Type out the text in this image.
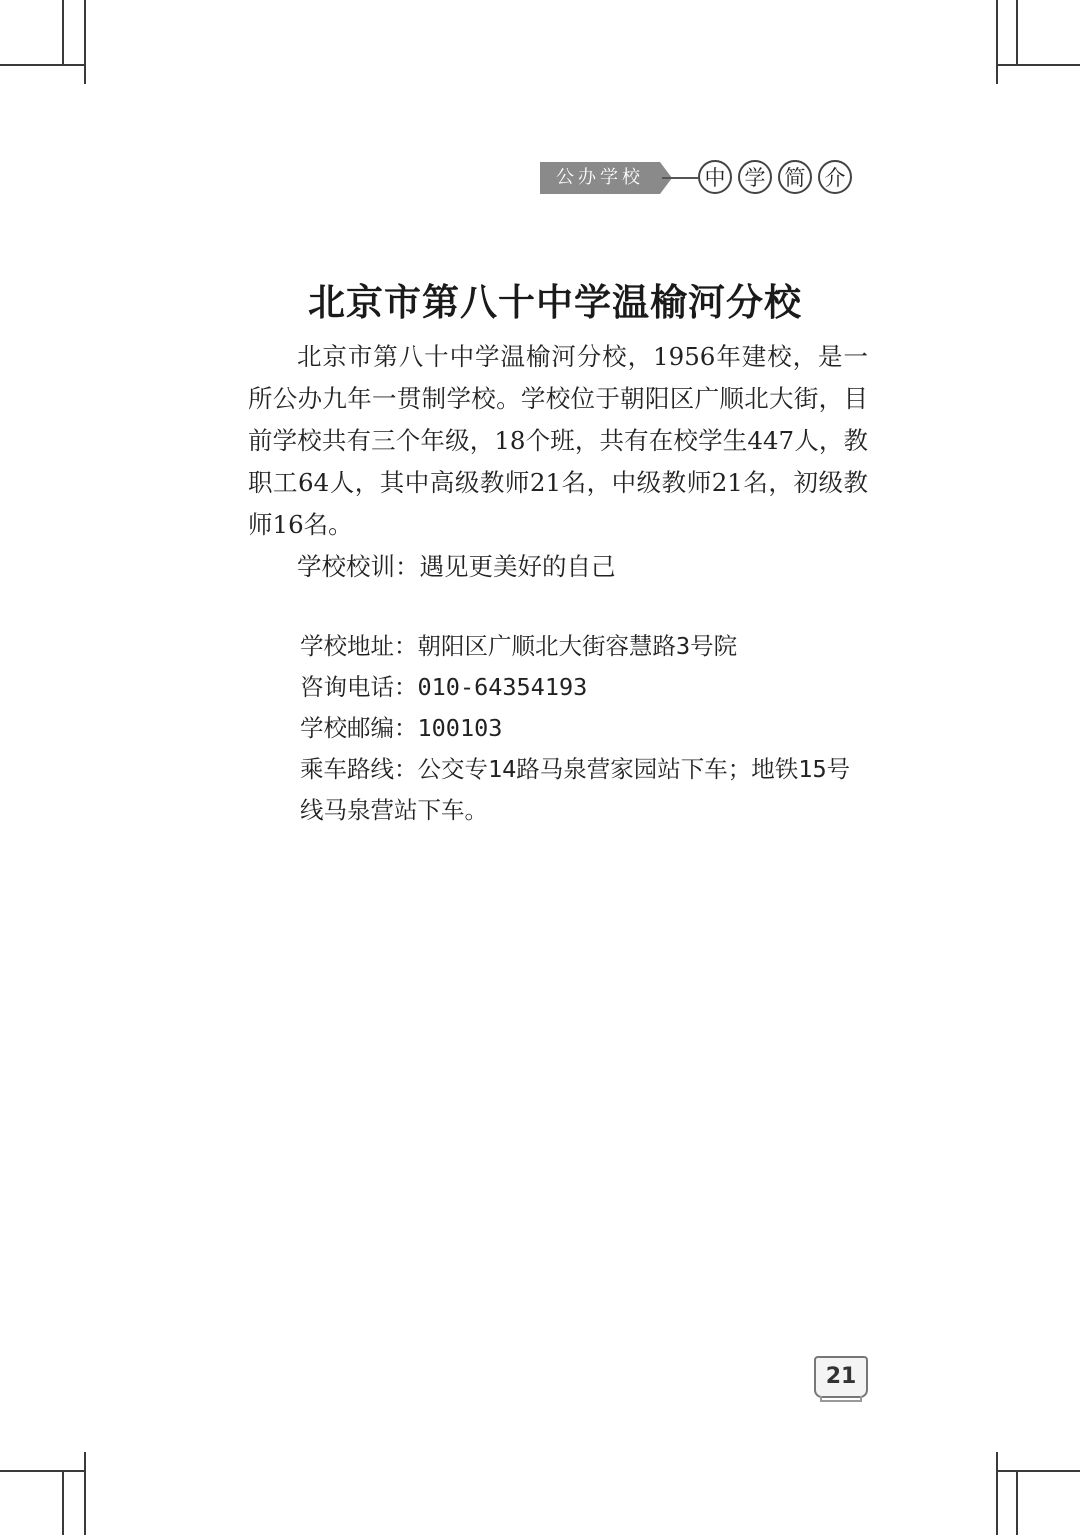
公办学校	中 学 简 介
北京市第八十中学温榆河分校

北京市第八十中学温榆河分校，1956年建校，是一所公办九年一贯制学校。学校位于朝阳区广顺北大街，目前学校共有三个年级，18个班，共有在校学生447人，教职工64人，其中高级教师21名，中级教师21名，初级教师16名。

学校校训：遇见更美好的自己
学校地址：朝阳区广顺北大街容慧路3号院
咨询电话：010-64354193
学校邮编：100103
乘车路线：公交专14路马泉营家园站下车；地铁15号线马泉营站下车。
21
